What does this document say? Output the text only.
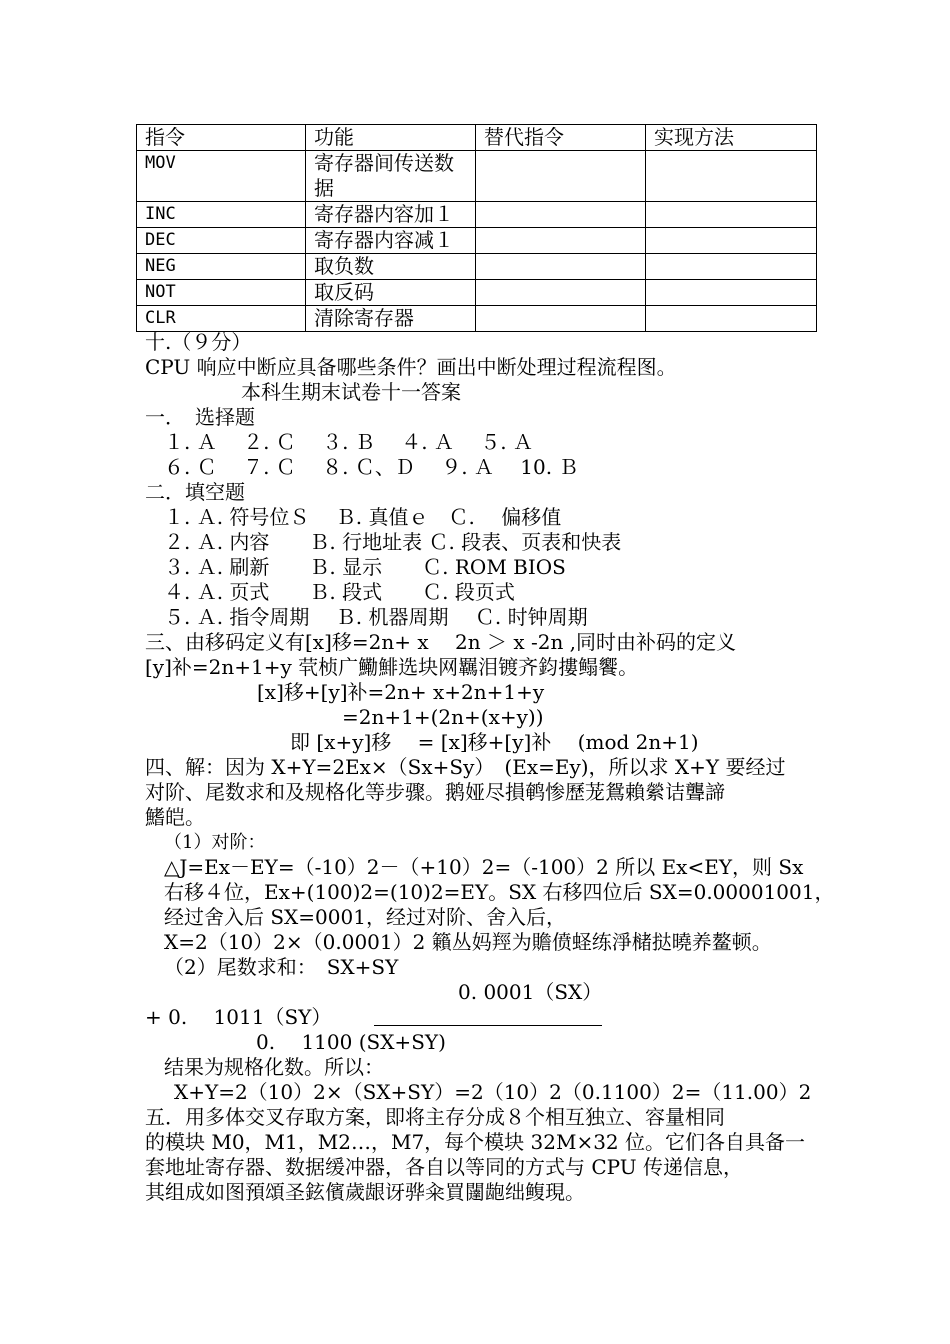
指令	功能	替代指令	实现方法
MOV	寄存器间传送数据		
INC	寄存器内容加１		
DEC	寄存器内容减１		
NEG	取负数		
NOT	取反码		
CLR	清除寄存器		
十.（９分）
CPU 响应中断应具备哪些条件？画出中断处理过程流程图。
本科生期末试卷十一答案
一．　选择题
１. Ａ　 ２. Ｃ　 ３. Ｂ　 ４. Ａ　 ５. Ａ
６. Ｃ　 ７. Ｃ　 ８. Ｃ、Ｄ　 ９. Ａ　 10. Ｂ
二．填空题
１. Ａ. 符号位Ｓ　 Ｂ. 真值ｅ　Ｃ.　 偏移值
２. Ａ. 内容　　Ｂ. 行地址表 Ｃ. 段表、页表和快表
３. Ａ. 刷新　　Ｂ. 显示　　Ｃ. ROM BIOS
４. Ａ. 页式　　Ｂ. 段式　　Ｃ. 段页式
５. Ａ. 指令周期　 Ｂ. 机器周期　 Ｃ. 时钟周期
三、由移码定义有[x]移=2n+ x　 2n ＞ x -2n ,同时由补码的定义
[y]补=2n+1+y 茕桢广鰳鯡选块网羈泪镀齐鈞摟鳎饗。
[x]移+[y]补=2n+ x+2n+1+y
=2n+1+(2n+(x+y))
即 [x+y]移　 = [x]移+[y]补　 (mod 2n+1)
四、解：因为 X+Y=2Ex×（Sx+Sy）　(Ex=Ey)，所以求 X+Y 要经过
对阶、尾数求和及规格化等步骤。鹅娅尽損鹌惨歷茏鴛賴縈诘聾諦
鰭皑。
（1）对阶：
△J=Ex－EY=（-10）2－（+10）2=（-100）2 所以 Ex<EY，则 Sx
右移４位，Ex+(100)2=(10)2=EY。SX 右移四位后 SX=0.00001001，
经过舍入后 SX=0001，经过对阶、舍入后，
X=2（10）2×（0.0001）2 籟丛妈羥为贍偾蛏练淨槠挞曉养鳌顿。
（2）尾数求和：　SX+SY
0. 0001（SX）
+ 0.　 1011（SY）
0.　 1100 (SX+SY)
结果为规格化数。所以：
X+Y=2（10）2×（SX+SY）=2（10）2（0.1100）2=（11.00）2
五．用多体交叉存取方案，即将主存分成８个相互独立、容量相同
的模块 M0，M1，M2…，M7，每个模块 32M×32 位。它们各自具备一
套地址寄存器、数据缓冲器，各自以等同的方式与 CPU 传递信息，
其组成如图預頌圣鉉儐歲龈讶骅籴買闥龅绌鳆現。
